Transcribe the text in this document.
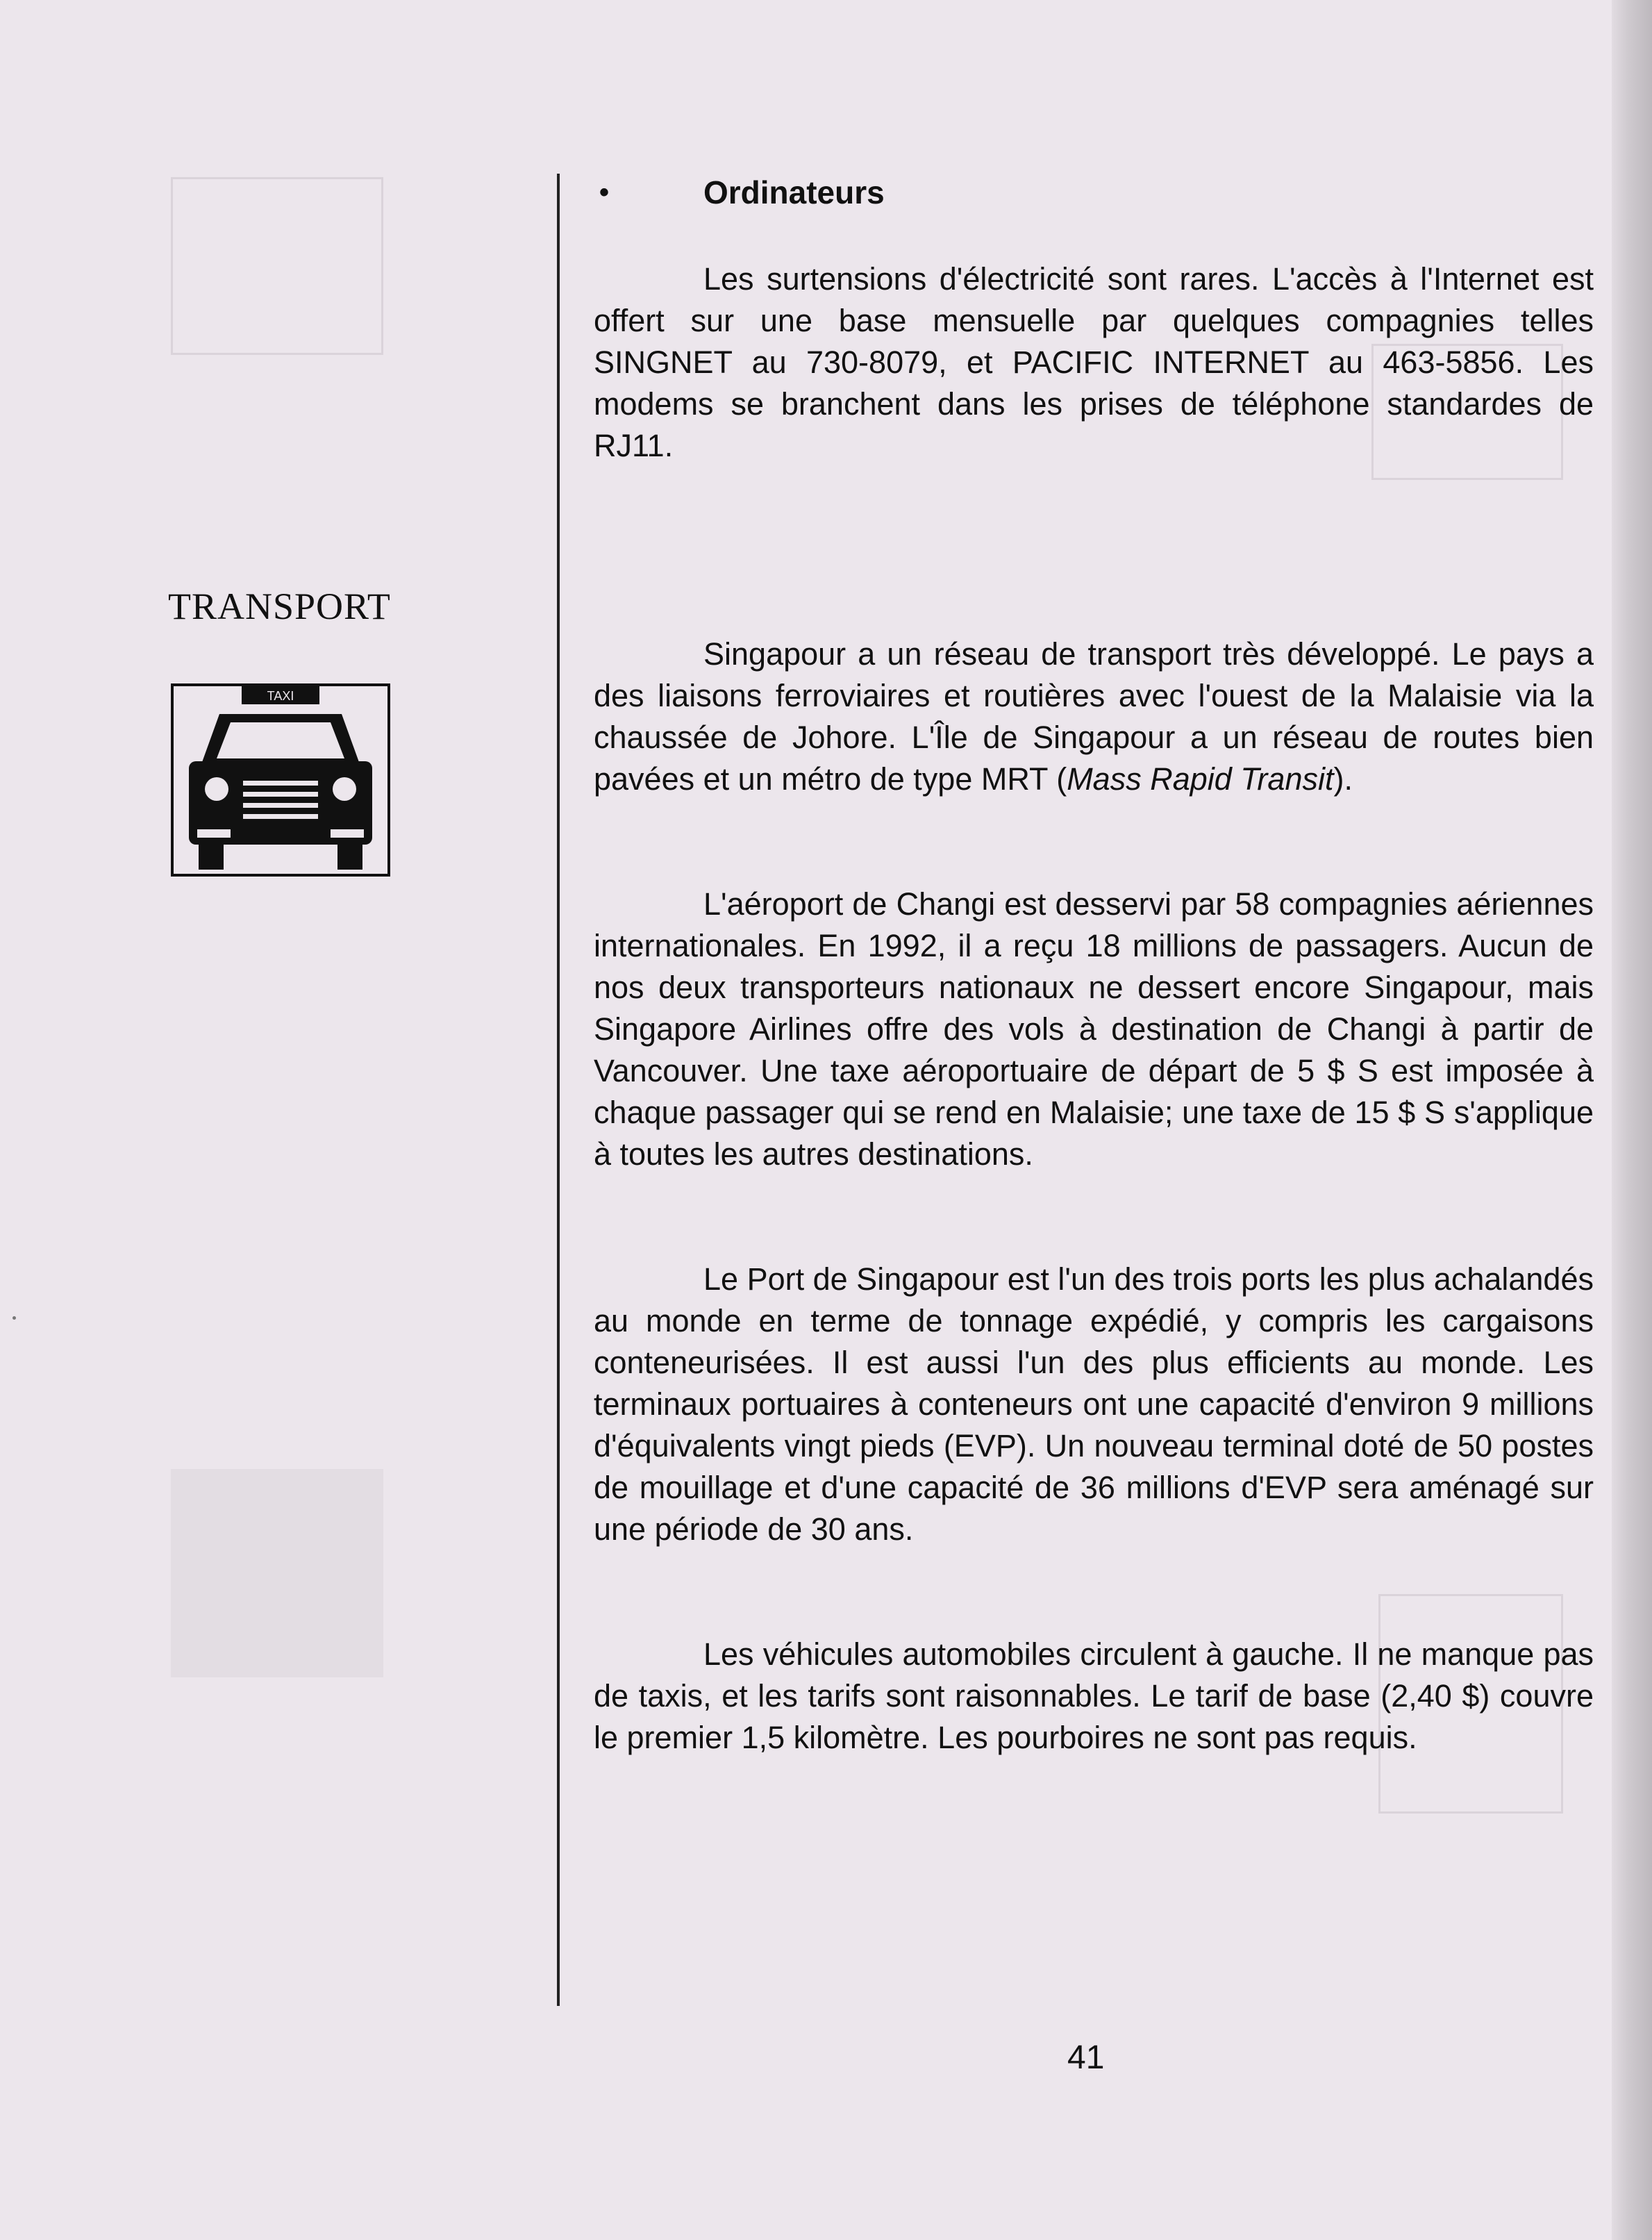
•	Ordinateurs

Les surtensions d'électricité sont rares. L'accès à l'Internet est offert sur une base mensuelle par quelques compagnies telles SINGNET au 730-8079, et PACIFIC INTERNET au 463-5856. Les modems se branchent dans les prises de téléphone standardes de RJ11.

TRANSPORT
TAXI

Singapour a un réseau de transport très développé. Le pays a des liaisons ferroviaires et routières avec l'ouest de la Malaisie via la chaussée de Johore. L'Île de Singapour a un réseau de routes bien pavées et un métro de type MRT (Mass Rapid Transit).

L'aéroport de Changi est desservi par 58 compagnies aériennes internationales. En 1992, il a reçu 18 millions de passagers. Aucun de nos deux transporteurs nationaux ne dessert encore Singapour, mais Singapore Airlines offre des vols à destination de Changi à partir de Vancouver. Une taxe aéroportuaire de départ de 5 $ S est imposée à chaque passager qui se rend en Malaisie; une taxe de 15 $ S s'applique à toutes les autres destinations.

Le Port de Singapour est l'un des trois ports les plus achalandés au monde en terme de tonnage expédié, y compris les cargaisons conteneurisées. Il est aussi l'un des plus efficients au monde. Les terminaux portuaires à conteneurs ont une capacité d'environ 9 millions d'équivalents vingt pieds (EVP). Un nouveau terminal doté de 50 postes de mouillage et d'une capacité de 36 millions d'EVP sera aménagé sur une période de 30 ans.

Les véhicules automobiles circulent à gauche. Il ne manque pas de taxis, et les tarifs sont raisonnables. Le tarif de base (2,40 $) couvre le premier 1,5 kilomètre. Les pourboires ne sont pas requis.

41
